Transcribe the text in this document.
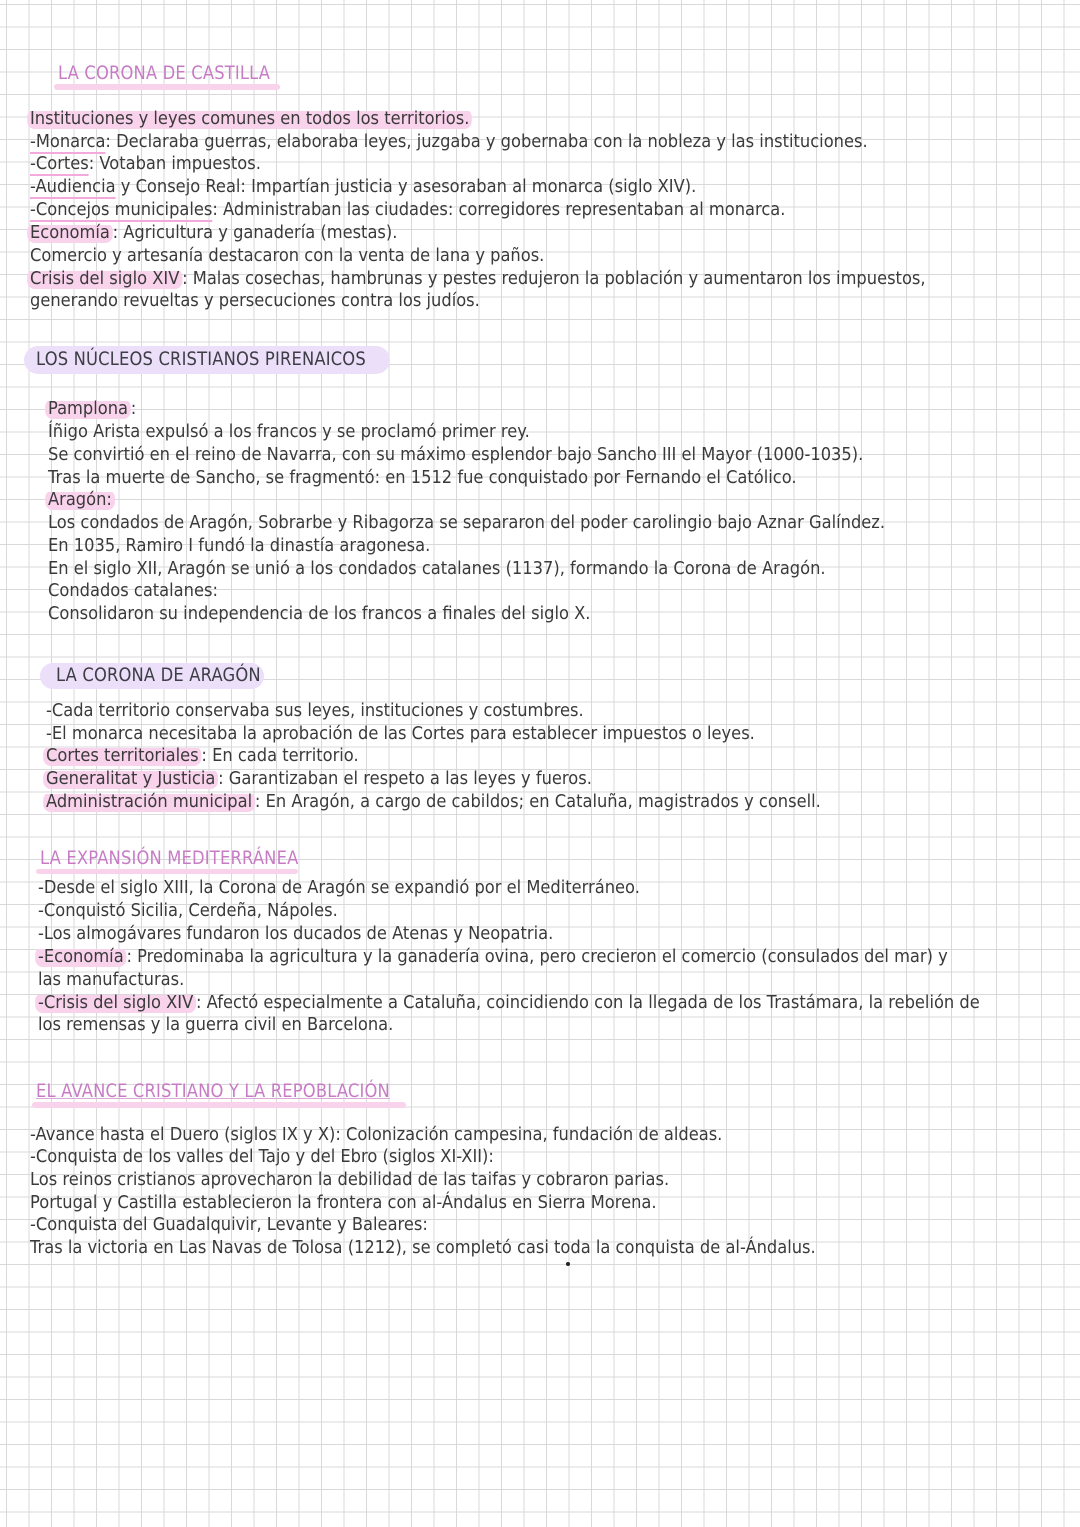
LA CORONA DE CASTILLA
Instituciones y leyes comunes en todos los territorios.
-Monarca: Declaraba guerras, elaboraba leyes, juzgaba y gobernaba con la nobleza y las instituciones.
-Cortes: Votaban impuestos.
-Audiencia y Consejo Real: Impartían justicia y asesoraban al monarca (siglo XIV).
-Concejos municipales: Administraban las ciudades: corregidores representaban al monarca.
Economía : Agricultura y ganadería (mestas).
Comercio y artesanía destacaron con la venta de lana y paños.
Crisis del siglo XIV : Malas cosechas, hambrunas y pestes redujeron la población y aumentaron los impuestos,
generando revueltas y persecuciones contra los judíos.
LOS NÚCLEOS CRISTIANOS PIRENAICOS
Pamplona :
Íñigo Arista expulsó a los francos y se proclamó primer rey.
Se convirtió en el reino de Navarra, con su máximo esplendor bajo Sancho III el Mayor (1000-1035).
Tras la muerte de Sancho, se fragmentó: en 1512 fue conquistado por Fernando el Católico.
Aragón:
Los condados de Aragón, Sobrarbe y Ribagorza se separaron del poder carolingio bajo Aznar Galíndez.
En 1035, Ramiro I fundó la dinastía aragonesa.
En el siglo XII, Aragón se unió a los condados catalanes (1137), formando la Corona de Aragón.
Condados catalanes:
Consolidaron su independencia de los francos a finales del siglo X.
LA CORONA DE ARAGÓN
-Cada territorio conservaba sus leyes, instituciones y costumbres.
-El monarca necesitaba la aprobación de las Cortes para establecer impuestos o leyes.
Cortes territoriales : En cada territorio.
Generalitat y Justicia : Garantizaban el respeto a las leyes y fueros.
Administración municipal : En Aragón, a cargo de cabildos; en Cataluña, magistrados y consell.
LA EXPANSIÓN MEDITERRÁNEA
-Desde el siglo XIII, la Corona de Aragón se expandió por el Mediterráneo.
-Conquistó Sicilia, Cerdeña, Nápoles.
-Los almogávares fundaron los ducados de Atenas y Neopatria.
-Economía : Predominaba la agricultura y la ganadería ovina, pero crecieron el comercio (consulados del mar) y
las manufacturas.
-Crisis del siglo XIV : Afectó especialmente a Cataluña, coincidiendo con la llegada de los Trastámara, la rebelión de
los remensas y la guerra civil en Barcelona.
EL AVANCE CRISTIANO Y LA REPOBLACIÓN
-Avance hasta el Duero (siglos IX y X): Colonización campesina, fundación de aldeas.
-Conquista de los valles del Tajo y del Ebro (siglos XI-XII):
Los reinos cristianos aprovecharon la debilidad de las taifas y cobraron parias.
Portugal y Castilla establecieron la frontera con al-Ándalus en Sierra Morena.
-Conquista del Guadalquivir, Levante y Baleares:
Tras la victoria en Las Navas de Tolosa (1212), se completó casi toda la conquista de al-Ándalus.
